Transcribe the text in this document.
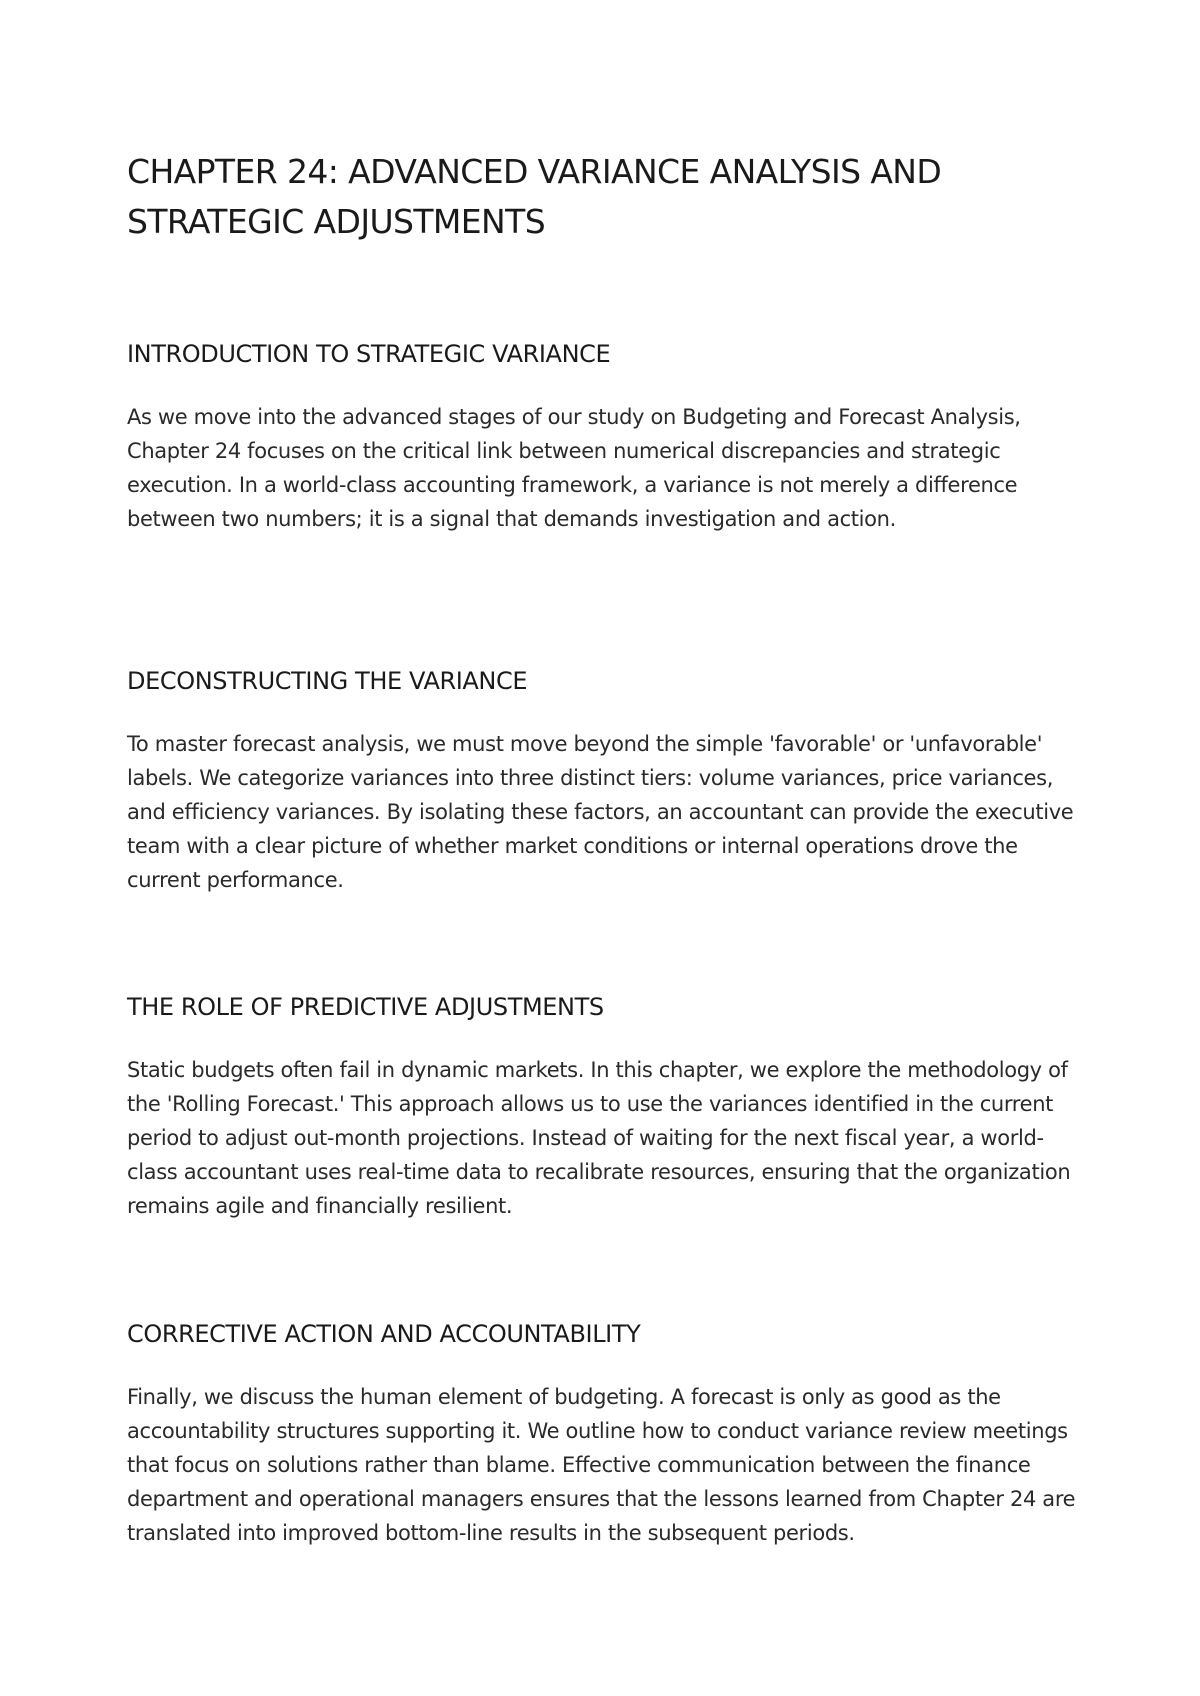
CHAPTER 24: ADVANCED VARIANCE ANALYSIS AND STRATEGIC ADJUSTMENTS
INTRODUCTION TO STRATEGIC VARIANCE

As we move into the advanced stages of our study on Budgeting and Forecast Analysis, Chapter 24 focuses on the critical link between numerical discrepancies and strategic execution. In a world-class accounting framework, a variance is not merely a difference between two numbers; it is a signal that demands investigation and action.

DECONSTRUCTING THE VARIANCE

To master forecast analysis, we must move beyond the simple 'favorable' or 'unfavorable' labels. We categorize variances into three distinct tiers: volume variances, price variances, and efficiency variances. By isolating these factors, an accountant can provide the executive team with a clear picture of whether market conditions or internal operations drove the current performance.

THE ROLE OF PREDICTIVE ADJUSTMENTS

Static budgets often fail in dynamic markets. In this chapter, we explore the methodology of the 'Rolling Forecast.' This approach allows us to use the variances identified in the current period to adjust out-month projections. Instead of waiting for the next fiscal year, a world-class accountant uses real-time data to recalibrate resources, ensuring that the organization remains agile and financially resilient.

CORRECTIVE ACTION AND ACCOUNTABILITY

Finally, we discuss the human element of budgeting. A forecast is only as good as the accountability structures supporting it. We outline how to conduct variance review meetings that focus on solutions rather than blame. Effective communication between the finance department and operational managers ensures that the lessons learned from Chapter 24 are translated into improved bottom-line results in the subsequent periods.
